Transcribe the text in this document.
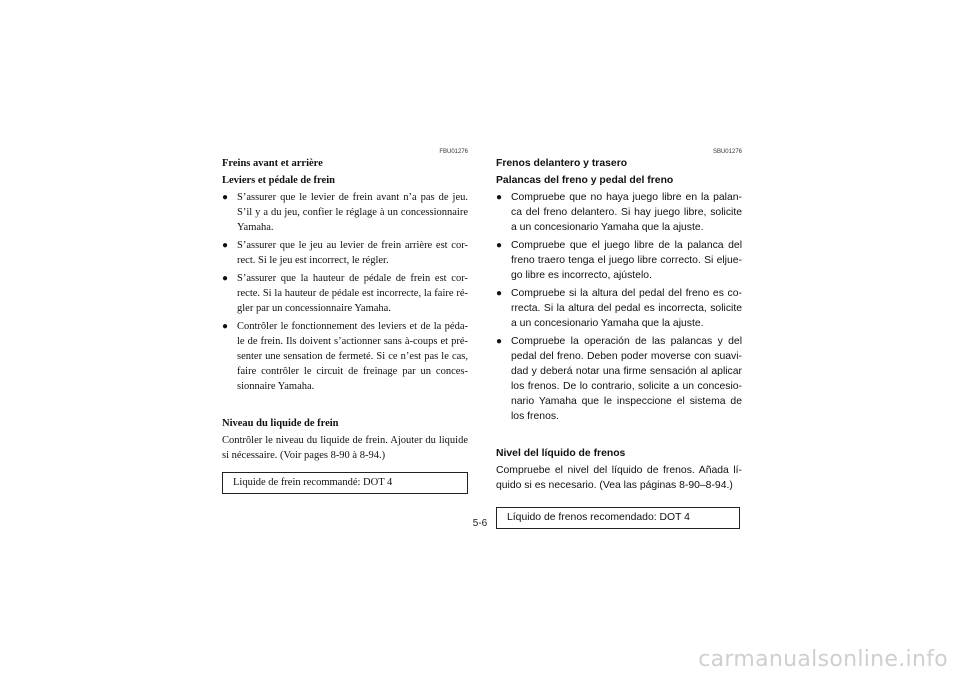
FBU01276
Freins avant et arrière
Leviers et pédale de frein
● S’assurer que le levier de frein avant n’a pas de jeu. S’il y a du jeu, confier le réglage à un concessionnaire Yamaha.
● S’assurer que le jeu au levier de frein arrière est cor-rect. Si le jeu est incorrect, le régler.
● S’assurer que la hauteur de pédale de frein est cor-recte. Si la hauteur de pédale est incorrecte, la faire ré-gler par un concessionnaire Yamaha.
● Contrôler le fonctionnement des leviers et de la péda-le de frein. Ils doivent s’actionner sans à-coups et pré-senter une sensation de fermeté. Si ce n’est pas le cas, faire contrôler le circuit de freinage par un conces-sionnaire Yamaha.
Niveau du liquide de frein

Contrôler le niveau du liquide de frein. Ajouter du liquide si nécessaire. (Voir pages 8-90 à 8-94.)

Liquide de frein recommandé: DOT 4
SBU01276
Frenos delantero y trasero
Palancas del freno y pedal del freno
● Compruebe que no haya juego libre en la palan-ca del freno delantero. Si hay juego libre, solicite a un concesionario Yamaha que la ajuste.
● Compruebe que el juego libre de la palanca del freno traero tenga el juego libre correcto. Si eljue-go libre es incorrecto, ajústelo.
● Compruebe si la altura del pedal del freno es co-rrecta. Si la altura del pedal es incorrecta, solicite a un concesionario Yamaha que la ajuste.
● Compruebe la operación de las palancas y del pedal del freno. Deben poder moverse con suavi-dad y deberá notar una firme sensación al aplicar los frenos. De lo contrario, solicite a un concesio-nario Yamaha que le inspeccione el sistema de los frenos.
Nivel del líquido de frenos

Compruebe el nivel del líquido de frenos. Añada lí-quido si es necesario. (Vea las páginas 8-90–8-94.)

Líquido de frenos recomendado: DOT 4
5-6
carmanualsonline.info
